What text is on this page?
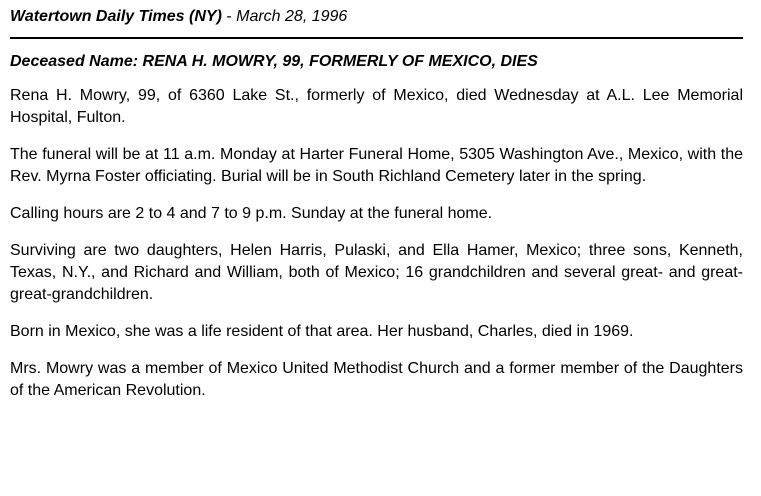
Watertown Daily Times (NY) - March 28, 1996

Deceased Name: RENA H. MOWRY, 99, FORMERLY OF MEXICO, DIES

Rena H. Mowry, 99, of 6360 Lake St., formerly of Mexico, died Wednesday at A.L. Lee Memorial Hospital, Fulton.

The funeral will be at 11 a.m. Monday at Harter Funeral Home, 5305 Washington Ave., Mexico, with the Rev. Myrna Foster officiating. Burial will be in South Richland Cemetery later in the spring.

Calling hours are 2 to 4 and 7 to 9 p.m. Sunday at the funeral home.

Surviving are two daughters, Helen Harris, Pulaski, and Ella Hamer, Mexico; three sons, Kenneth, Texas, N.Y., and Richard and William, both of Mexico; 16 grandchildren and several great- and great-great-grandchildren.

Born in Mexico, she was a life resident of that area. Her husband, Charles, died in 1969.

Mrs. Mowry was a member of Mexico United Methodist Church and a former member of the Daughters of the American Revolution.
